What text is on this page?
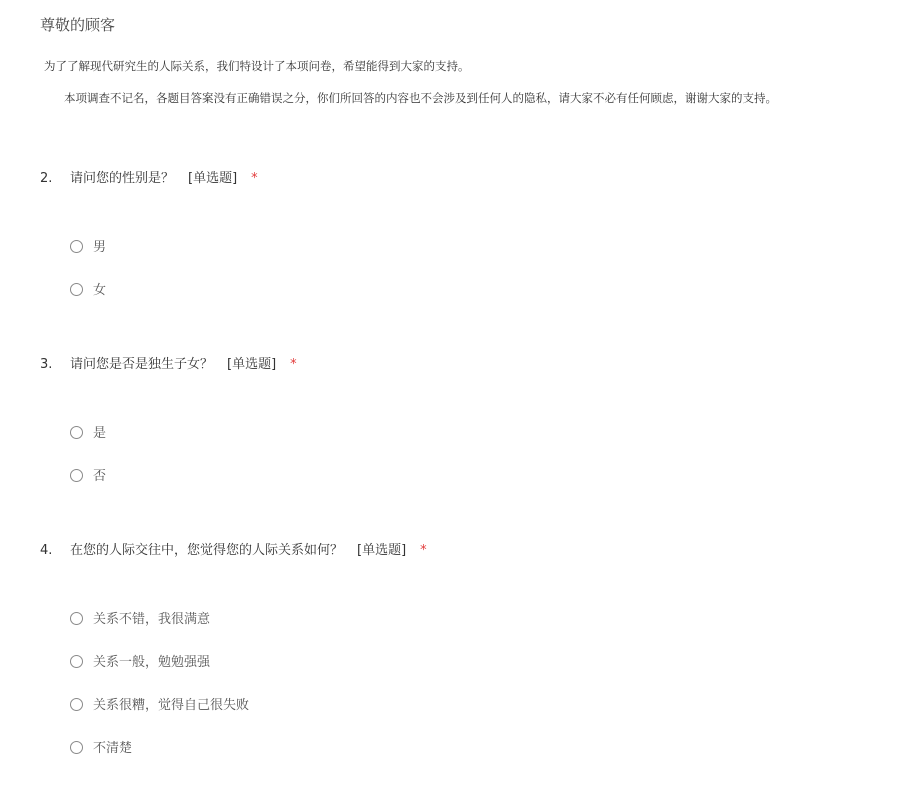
尊敬的顾客
为了了解现代研究生的人际关系，我们特设计了本项问卷，希望能得到大家的支持。
本项调查不记名，各题目答案没有正确错误之分，你们所回答的内容也不会涉及到任何人的隐私，请大家不必有任何顾虑，谢谢大家的支持。
2. 请问您的性别是？ [单选题] *
男
女
3. 请问您是否是独生子女？ [单选题] *
是
否
4. 在您的人际交往中，您觉得您的人际关系如何？ [单选题] *
关系不错，我很满意
关系一般，勉勉强强
关系很糟，觉得自己很失败
不清楚
